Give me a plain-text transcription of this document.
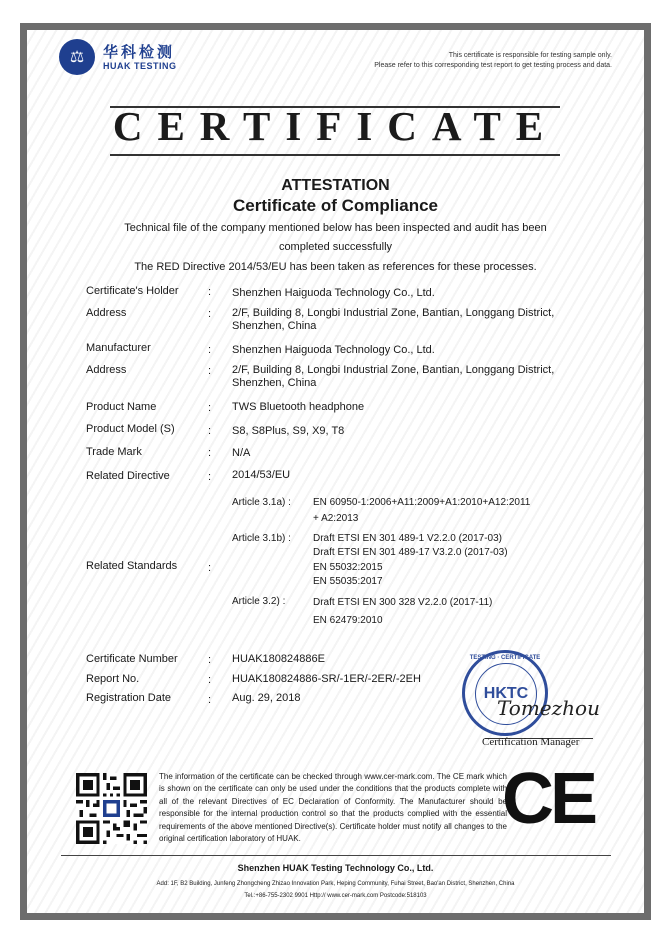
⚖	华科检测
HUAK TESTING
This certificate is responsible for testing sample only.
Please refer to this corresponding test report to get testing process and data.
CERTIFICATE
ATTESTATION
Certificate of Compliance
Technical file of the company mentioned below has been inspected and audit has been
completed successfully
The RED Directive 2014/53/EU has been taken as references for these processes.
Certificate's Holder	: Shenzhen Haiguoda Technology Co., Ltd.
Address	: 2/F, Building 8, Longbi Industrial Zone, Bantian, Longgang District, Shenzhen, China
Manufacturer	: Shenzhen Haiguoda Technology Co., Ltd.
Address	: 2/F, Building 8, Longbi Industrial Zone, Bantian, Longgang District, Shenzhen, China
Product Name	: TWS Bluetooth headphone
Product Model (S)	: S8, S8Plus, S9, X9, T8
Trade Mark	: N/A
Related Directive	: 2014/53/EU
Article 3.1a) : EN 60950-1:2006+A11:2009+A1:2010+A12:2011
+ A2:2013
Article 3.1b) : Draft ETSI EN 301 489-1 V2.2.0 (2017-03)
Draft ETSI EN 301 489-17 V3.2.0 (2017-03)
EN 55032:2015
EN 55035:2017
Related Standards	:
Article 3.2) :	Draft ETSI EN 300 328 V2.2.0 (2017-11)
EN 62479:2010
Certificate Number	: HUAK180824886E
Report No.	: HUAK180824886-SR/-1ER/-2ER/-2EH
Registration Date	: Aug. 29, 2018
TESTING · CERTIFICATE
HKTC
Tomezhou
Certification Manager
The information of the certificate can be checked through www.cer-mark.com. The CE mark which is shown on the certificate can only be used under the conditions that the products complete with all of the relevant Directives of EC Declaration of Conformity. The Manufacturer should be responsible for the internal production control so that the products complied with the essential requirements of the above mentioned Directive(s). Certificate holder must notify all changes to the original certification laboratory of HUAK.	CE
Shenzhen HUAK Testing Technology Co., Ltd.
Add: 1F, B2 Building, Junfeng Zhongcheng Zhizao Innovation Park, Heping Community, Fuhai Street, Bao'an District, Shenzhen, China
Tel.:+86-755-2302 9901 Http:// www.cer-mark.com Postcode:518103
